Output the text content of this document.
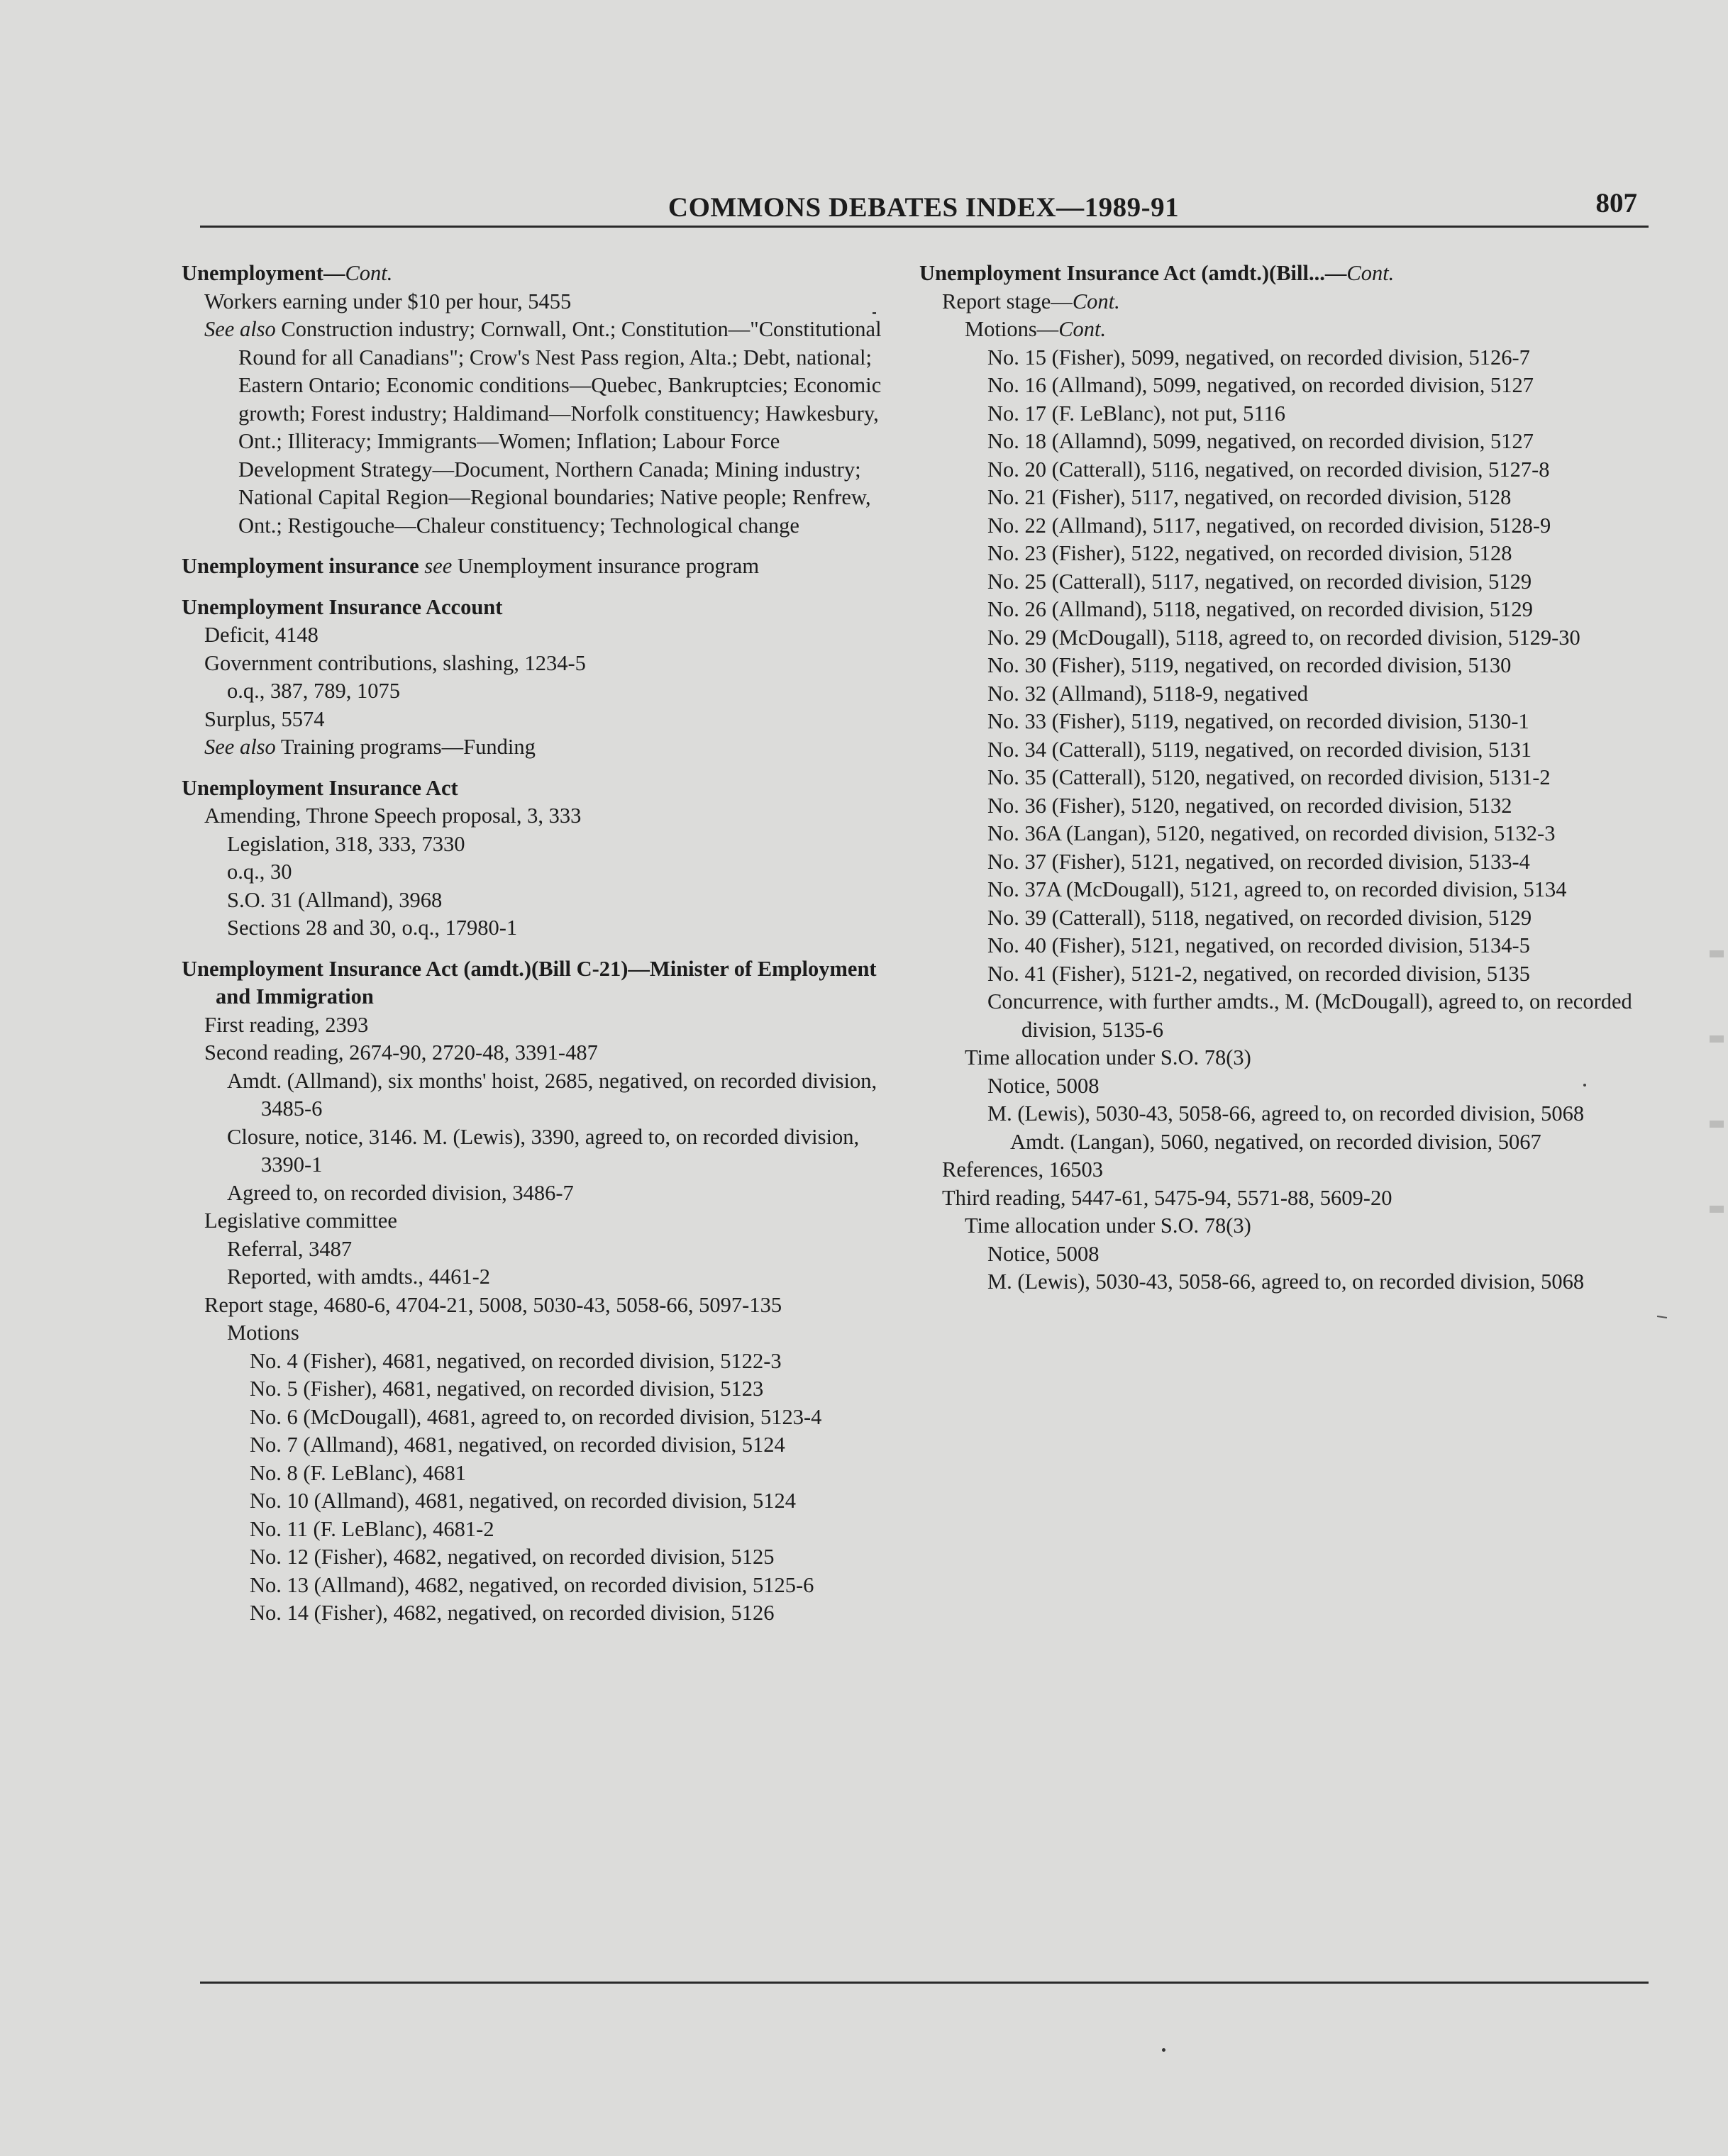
COMMONS DEBATES INDEX—1989-91	807
Unemployment—Cont.
Workers earning under $10 per hour, 5455
See also Construction industry; Cornwall, Ont.; Constitution—"Constitutional Round for all Canadians"; Crow's Nest Pass region, Alta.; Debt, national; Eastern Ontario; Economic conditions—Quebec, Bankruptcies; Economic growth; Forest industry; Haldimand—Norfolk constituency; Hawkesbury, Ont.; Illiteracy; Immigrants—Women; Inflation; Labour Force Development Strategy—Document, Northern Canada; Mining industry; National Capital Region—Regional boundaries; Native people; Renfrew, Ont.; Restigouche—Chaleur constituency; Technological change
Unemployment insurance see Unemployment insurance program
Unemployment Insurance Account
Deficit, 4148
Government contributions, slashing, 1234-5
o.q., 387, 789, 1075
Surplus, 5574
See also Training programs—Funding
Unemployment Insurance Act
Amending, Throne Speech proposal, 3, 333
Legislation, 318, 333, 7330
o.q., 30
S.O. 31 (Allmand), 3968
Sections 28 and 30, o.q., 17980-1
Unemployment Insurance Act (amdt.)(Bill C-21)—Minister of Employment and Immigration
First reading, 2393
Second reading, 2674-90, 2720-48, 3391-487
Amdt. (Allmand), six months' hoist, 2685, negatived, on recorded division, 3485-6
Closure, notice, 3146. M. (Lewis), 3390, agreed to, on recorded division, 3390-1
Agreed to, on recorded division, 3486-7
Legislative committee
Referral, 3487
Reported, with amdts., 4461-2
Report stage, 4680-6, 4704-21, 5008, 5030-43, 5058-66, 5097-135
Motions
No. 4 (Fisher), 4681, negatived, on recorded division, 5122-3
No. 5 (Fisher), 4681, negatived, on recorded division, 5123
No. 6 (McDougall), 4681, agreed to, on recorded division, 5123-4
No. 7 (Allmand), 4681, negatived, on recorded division, 5124
No. 8 (F. LeBlanc), 4681
No. 10 (Allmand), 4681, negatived, on recorded division, 5124
No. 11 (F. LeBlanc), 4681-2
No. 12 (Fisher), 4682, negatived, on recorded division, 5125
No. 13 (Allmand), 4682, negatived, on recorded division, 5125-6
No. 14 (Fisher), 4682, negatived, on recorded division, 5126
Unemployment Insurance Act (amdt.)(Bill...—Cont.
Report stage—Cont.
Motions—Cont.
No. 15 (Fisher), 5099, negatived, on recorded division, 5126-7
No. 16 (Allmand), 5099, negatived, on recorded division, 5127
No. 17 (F. LeBlanc), not put, 5116
No. 18 (Allamnd), 5099, negatived, on recorded division, 5127
No. 20 (Catterall), 5116, negatived, on recorded division, 5127-8
No. 21 (Fisher), 5117, negatived, on recorded division, 5128
No. 22 (Allmand), 5117, negatived, on recorded division, 5128-9
No. 23 (Fisher), 5122, negatived, on recorded division, 5128
No. 25 (Catterall), 5117, negatived, on recorded division, 5129
No. 26 (Allmand), 5118, negatived, on recorded division, 5129
No. 29 (McDougall), 5118, agreed to, on recorded division, 5129-30
No. 30 (Fisher), 5119, negatived, on recorded division, 5130
No. 32 (Allmand), 5118-9, negatived
No. 33 (Fisher), 5119, negatived, on recorded division, 5130-1
No. 34 (Catterall), 5119, negatived, on recorded division, 5131
No. 35 (Catterall), 5120, negatived, on recorded division, 5131-2
No. 36 (Fisher), 5120, negatived, on recorded division, 5132
No. 36A (Langan), 5120, negatived, on recorded division, 5132-3
No. 37 (Fisher), 5121, negatived, on recorded division, 5133-4
No. 37A (McDougall), 5121, agreed to, on recorded division, 5134
No. 39 (Catterall), 5118, negatived, on recorded division, 5129
No. 40 (Fisher), 5121, negatived, on recorded division, 5134-5
No. 41 (Fisher), 5121-2, negatived, on recorded division, 5135
Concurrence, with further amdts., M. (McDougall), agreed to, on recorded division, 5135-6
Time allocation under S.O. 78(3)
Notice, 5008
M. (Lewis), 5030-43, 5058-66, agreed to, on recorded division, 5068
Amdt. (Langan), 5060, negatived, on recorded division, 5067
References, 16503
Third reading, 5447-61, 5475-94, 5571-88, 5609-20
Time allocation under S.O. 78(3)
Notice, 5008
M. (Lewis), 5030-43, 5058-66, agreed to, on recorded division, 5068
